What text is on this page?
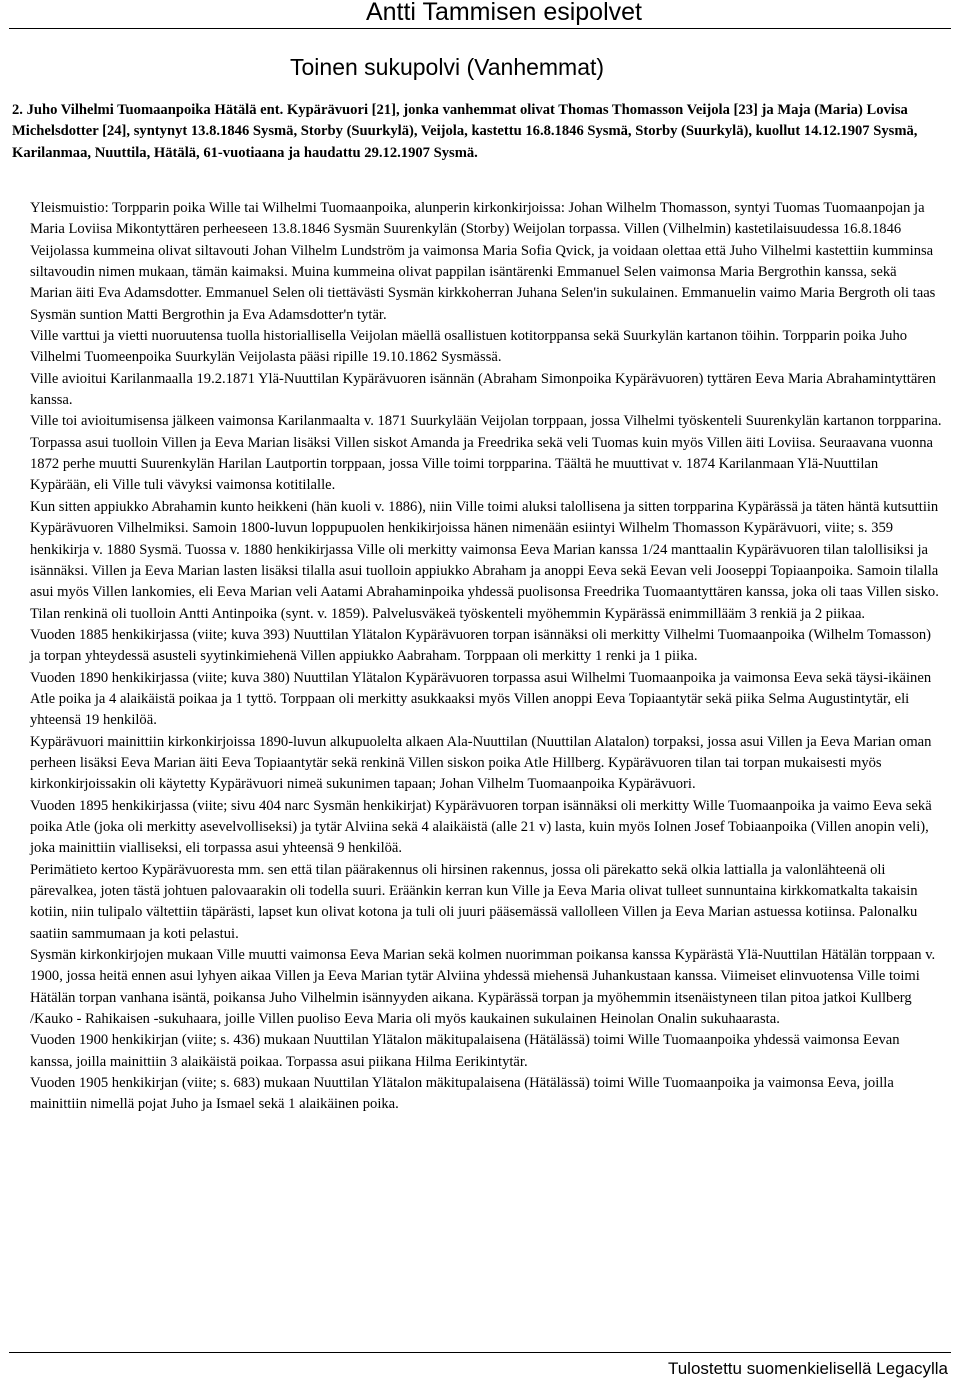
Antti Tammisen esipolvet
Toinen sukupolvi (Vanhemmat)
2. Juho Vilhelmi Tuomaanpoika Hätälä ent. Kypärävuori [21], jonka vanhemmat olivat Thomas Thomasson Veijola [23] ja Maja (Maria) Lovisa Michelsdotter [24], syntynyt 13.8.1846 Sysmä, Storby (Suurkylä), Veijola, kastettu 16.8.1846 Sysmä, Storby (Suurkylä), kuollut 14.12.1907 Sysmä, Karilanmaa, Nuuttila, Hätälä, 61-vuotiaana ja haudattu 29.12.1907 Sysmä.

Yleismuistio: Torpparin poika Wille tai Wilhelmi Tuomaanpoika, alunperin kirkonkirjoissa: Johan Wilhelm Thomasson, syntyi Tuomas Tuomaanpojan ja Maria Loviisa Mikontyttären perheeseen 13.8.1846 Sysmän Suurenkylän (Storby) Weijolan torpassa. Villen (Vilhelmin) kastetilaisuudessa 16.8.1846 Veijolassa kummeina olivat siltavouti Johan Vilhelm Lundström ja vaimonsa Maria Sofia Qvick, ja voidaan olettaa että Juho Vilhelmi kastettiin kumminsa siltavoudin nimen mukaan, tämän kaimaksi. Muina kummeina olivat pappilan isäntärenki Emmanuel Selen vaimonsa Maria Bergrothin kanssa, sekä Marian äiti Eva Adamsdotter. Emmanuel Selen oli tiettävästi Sysmän kirkkoherran Juhana Selen'in sukulainen. Emmanuelin vaimo Maria Bergroth oli taas Sysmän suntion Matti Bergrothin ja Eva Adamsdotter'n tytär.

Ville varttui ja vietti nuoruutensa tuolla historiallisella Veijolan mäellä osallistuen kotitorppansa sekä Suurkylän kartanon töihin. Torpparin poika Juho Vilhelmi Tuomeenpoika Suurkylän Veijolasta pääsi ripille 19.10.1862 Sysmässä.

Ville avioitui Karilanmaalla 19.2.1871 Ylä-Nuuttilan Kypärävuoren isännän (Abraham Simonpoika Kypärävuoren) tyttären Eeva Maria Abrahamintyttären kanssa.

Ville toi avioitumisensa jälkeen vaimonsa Karilanmaalta v. 1871 Suurkylään Veijolan torppaan, jossa Vilhelmi työskenteli Suurenkylän kartanon torpparina. Torpassa asui tuolloin Villen ja Eeva Marian lisäksi Villen siskot Amanda ja Freedrika sekä veli Tuomas kuin myös Villen äiti Loviisa. Seuraavana vuonna 1872 perhe muutti Suurenkylän Harilan Lautportin torppaan, jossa Ville toimi torpparina. Täältä he muuttivat v. 1874 Karilanmaan Ylä-Nuuttilan Kypärään, eli Ville tuli vävyksi vaimonsa kotitilalle.

Kun sitten appiukko Abrahamin kunto heikkeni (hän kuoli v. 1886), niin Ville toimi aluksi talollisena ja sitten torpparina Kypärässä ja täten häntä kutsuttiin Kypärävuoren Vilhelmiksi. Samoin 1800-luvun loppupuolen henkikirjoissa hänen nimenään esiintyi Wilhelm Thomasson Kypärävuori, viite; s. 359 henkikirja v. 1880 Sysmä. Tuossa v. 1880 henkikirjassa Ville oli merkitty vaimonsa Eeva Marian kanssa 1/24 manttaalin Kypärävuoren tilan talollisiksi ja isännäksi. Villen ja Eeva Marian lasten lisäksi tilalla asui tuolloin appiukko Abraham ja anoppi Eeva sekä Eevan veli Jooseppi Topiaanpoika. Samoin tilalla asui myös Villen lankomies, eli Eeva Marian veli Aatami Abrahaminpoika yhdessä puolisonsa Freedrika Tuomaantyttären kanssa, joka oli taas Villen sisko. Tilan renkinä oli tuolloin Antti Antinpoika (synt. v. 1859). Palvelusväkeä työskenteli myöhemmin Kypärässä enimmillääm 3 renkiä ja 2 piikaa.

Vuoden 1885 henkikirjassa (viite; kuva 393) Nuuttilan Ylätalon Kypärävuoren torpan isännäksi oli merkitty Vilhelmi Tuomaanpoika (Wilhelm Tomasson) ja torpan yhteydessä asusteli syytinkimiehenä Villen appiukko Aabraham. Torppaan oli merkitty 1 renki ja 1 piika.

Vuoden 1890 henkikirjassa (viite; kuva 380) Nuuttilan Ylätalon Kypärävuoren torpassa asui Wilhelmi Tuomaanpoika ja vaimonsa Eeva sekä täysi-ikäinen Atle poika ja 4 alaikäistä poikaa ja 1 tyttö. Torppaan oli merkitty asukkaaksi myös Villen anoppi Eeva Topiaantytär sekä piika Selma Augustintytär, eli yhteensä 19 henkilöä.

Kypärävuori mainittiin kirkonkirjoissa 1890-luvun alkupuolelta alkaen Ala-Nuuttilan (Nuuttilan Alatalon) torpaksi, jossa asui Villen ja Eeva Marian oman perheen lisäksi Eeva Marian äiti Eeva Topiaantytär sekä renkinä Villen siskon poika Atle Hillberg. Kypärävuoren tilan tai torpan mukaisesti myös kirkonkirjoissakin oli käytetty Kypärävuori nimeä sukunimen tapaan; Johan Vilhelm Tuomaanpoika Kypärävuori.

Vuoden 1895 henkikirjassa (viite; sivu 404 narc Sysmän henkikirjat) Kypärävuoren torpan isännäksi oli merkitty Wille Tuomaanpoika ja vaimo Eeva sekä poika Atle (joka oli merkitty asevelvolliseksi) ja tytär Alviina sekä 4 alaikäistä (alle 21 v) lasta, kuin myös Iolnen Josef Tobiaanpoika (Villen anopin veli), joka mainittiin vialliseksi, eli torpassa asui yhteensä 9 henkilöä.

Perimätieto kertoo Kypärävuoresta mm. sen että tilan päärakennus oli hirsinen rakennus, jossa oli pärekatto sekä olkia lattialla ja valonlähteenä oli pärevalkea, joten tästä johtuen palovaarakin oli todella suuri. Eräänkin kerran kun Ville ja Eeva Maria olivat tulleet sunnuntaina kirkkomatkalta takaisin kotiin, niin tulipalo vältettiin täpärästi, lapset kun olivat kotona ja tuli oli juuri pääsemässä vallolleen Villen ja Eeva Marian astuessa kotiinsa. Palonalku saatiin sammumaan ja koti pelastui.

Sysmän kirkonkirjojen mukaan Ville muutti vaimonsa Eeva Marian sekä kolmen nuorimman poikansa kanssa Kypärästä Ylä-Nuuttilan Hätälän torppaan v. 1900, jossa heitä ennen asui lyhyen aikaa Villen ja Eeva Marian tytär Alviina yhdessä miehensä Juhankustaan kanssa. Viimeiset elinvuotensa Ville toimi Hätälän torpan vanhana isäntä, poikansa Juho Vilhelmin isännyyden aikana. Kypärässä torpan ja myöhemmin itsenäistyneen tilan pitoa jatkoi Kullberg /Kauko - Rahikaisen -sukuhaara, joille Villen puoliso Eeva Maria oli myös kaukainen sukulainen Heinolan Onalin sukuhaarasta.

Vuoden 1900 henkikirjan (viite; s. 436) mukaan Nuuttilan Ylätalon mäkitupalaisena (Hätälässä) toimi Wille Tuomaanpoika yhdessä vaimonsa Eevan kanssa, joilla mainittiin 3 alaikäistä poikaa. Torpassa asui piikana Hilma Eerikintytär.

Vuoden 1905 henkikirjan (viite; s. 683) mukaan Nuuttilan Ylätalon mäkitupalaisena (Hätälässä) toimi Wille Tuomaanpoika ja vaimonsa Eeva, joilla mainittiin nimellä pojat Juho ja Ismael sekä 1 alaikäinen poika.

Tulostettu suomenkielisellä Legacylla
